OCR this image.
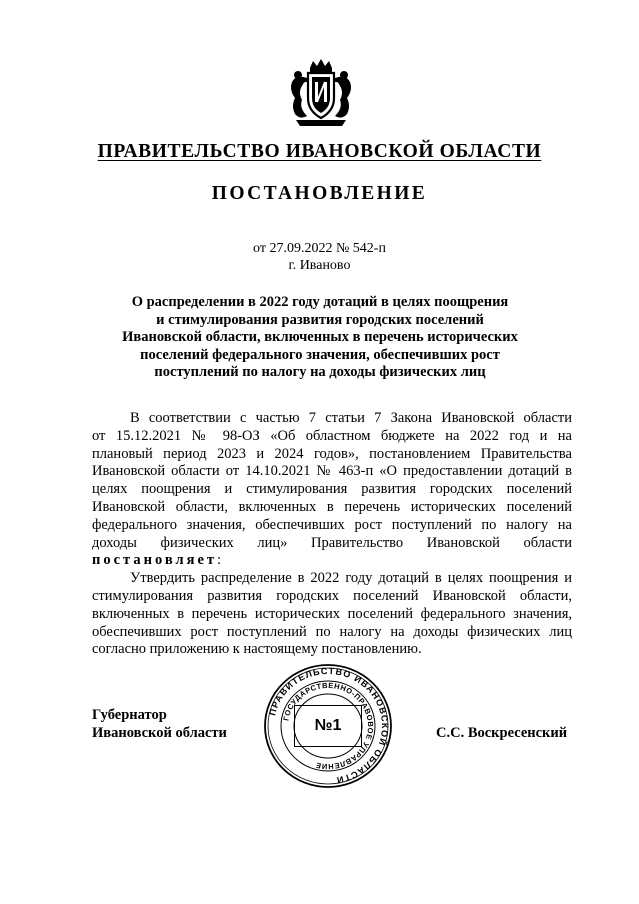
ПРАВИТЕЛЬСТВО ИВАНОВСКОЙ ОБЛАСТИ
ПОСТАНОВЛЕНИЕ
от 27.09.2022 № 542-п
г. Иваново
О распределении в 2022 году дотаций в целях поощрения
и стимулирования развития городских поселений
Ивановской области, включенных в перечень исторических
поселений федерального значения, обеспечивших рост
поступлений по налогу на доходы физических лиц
В соответствии с частью 7 статьи 7 Закона Ивановской области
от 15.12.2021 № 98-ОЗ «Об областном бюджете на 2022 год и на
плановый период 2023 и 2024 годов», постановлением Правительства
Ивановской области от 14.10.2021 № 463-п «О предоставлении дотаций в
целях поощрения и стимулирования развития городских поселений
Ивановской области, включенных в перечень исторических поселений
федерального значения, обеспечивших рост поступлений по налогу на
доходы физических лиц» Правительство Ивановской области
постановляет:
Утвердить распределение в 2022 году дотаций в целях поощрения и
стимулирования развития городских поселений Ивановской области,
включенных в перечень исторических поселений федерального значения,
обеспечивших рост поступлений по налогу на доходы физических лиц
согласно приложению к настоящему постановлению.
Губернатор
Ивановской области	С.С. Воскресенский
ПРАВИТЕЛЬСТВО ИВАНОВСКОЙ ОБЛАСТИ
ГОСУДАРСТВЕННО-ПРАВОВОЕ УПРАВЛЕНИЕ
№1
